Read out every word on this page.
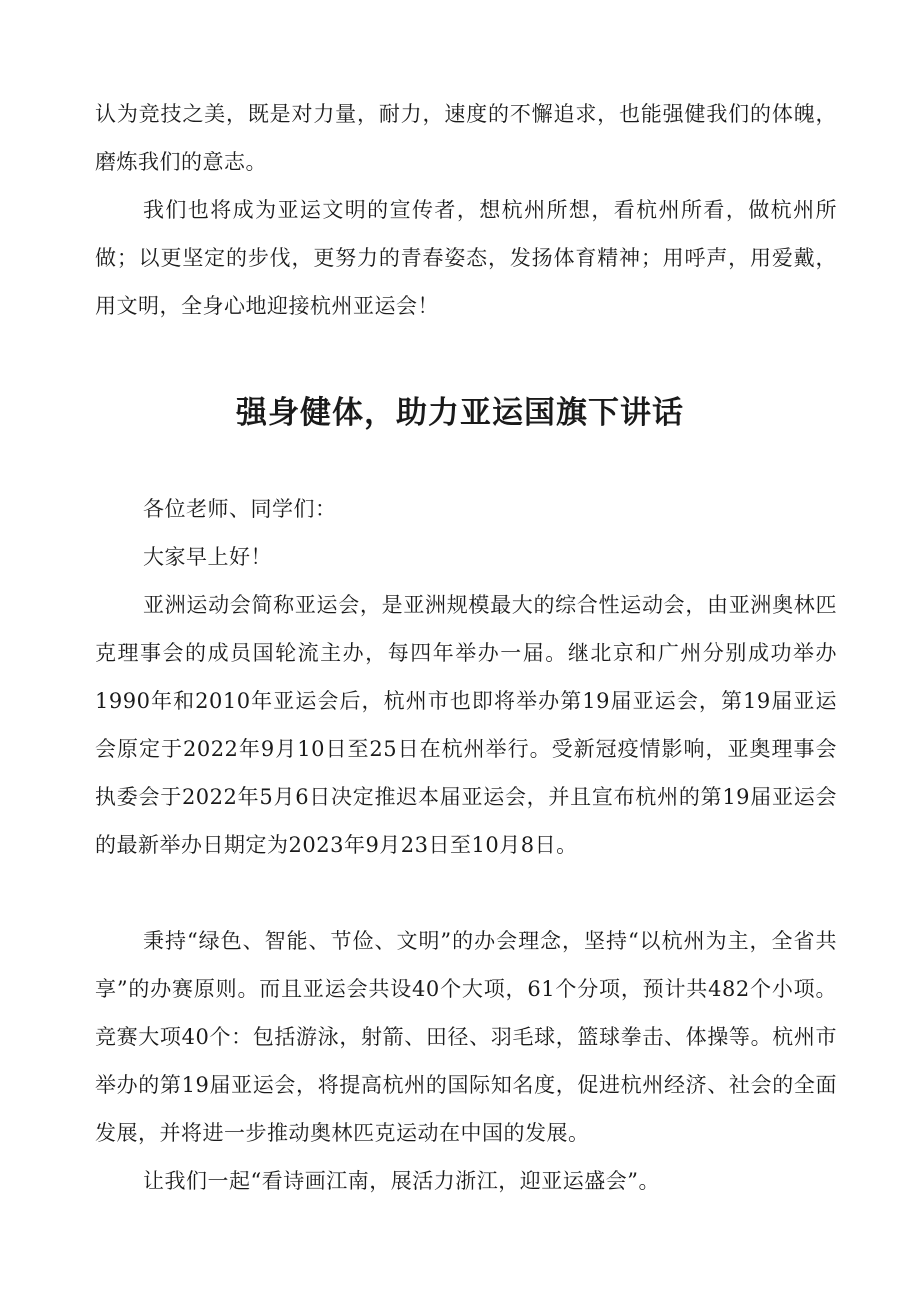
认为竞技之美，既是对力量，耐力，速度的不懈追求，也能强健我们的体魄，磨炼我们的意志。

我们也将成为亚运文明的宣传者，想杭州所想，看杭州所看，做杭州所做；以更坚定的步伐，更努力的青春姿态，发扬体育精神；用呼声，用爱戴，用文明，全身心地迎接杭州亚运会！

强身健体，助力亚运国旗下讲话

各位老师、同学们：

大家早上好！

亚洲运动会简称亚运会，是亚洲规模最大的综合性运动会，由亚洲奥林匹克理事会的成员国轮流主办，每四年举办一届。继北京和广州分别成功举办1990年和2010年亚运会后，杭州市也即将举办第19届亚运会，第19届亚运会原定于2022年9月10日至25日在杭州举行。受新冠疫情影响，亚奥理事会执委会于2022年5月6日决定推迟本届亚运会，并且宣布杭州的第19届亚运会的最新举办日期定为2023年9月23日至10月8日。

秉持“绿色、智能、节俭、文明”的办会理念，坚持“以杭州为主，全省共享”的办赛原则。而且亚运会共设40个大项，61个分项，预计共482个小项。竞赛大项40个：包括游泳，射箭、田径、羽毛球，篮球拳击、体操等。杭州市举办的第19届亚运会，将提高杭州的国际知名度，促进杭州经济、社会的全面发展，并将进一步推动奥林匹克运动在中国的发展。

让我们一起“看诗画江南，展活力浙江，迎亚运盛会”。
